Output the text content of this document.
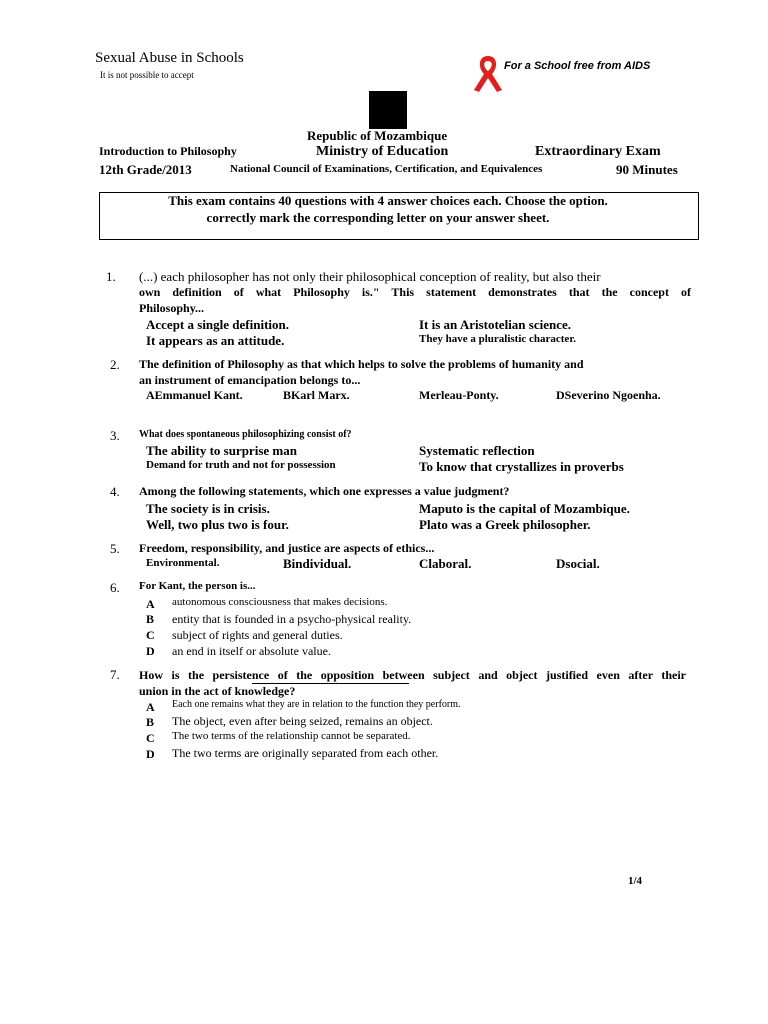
Sexual Abuse in Schools
It is not possible to accept
For a School free from AIDS
Republic of Mozambique
Introduction to Philosophy	Ministry of Education	Extraordinary Exam
12th Grade/2013	National Council of Examinations, Certification, and Equivalences	90 Minutes
This exam contains 40 questions with 4 answer choices each. Choose the option.
correctly mark the corresponding letter on your answer sheet.
1. (...) each philosopher has not only their philosophical conception of reality, but also their
own definition of what Philosophy is." This statement demonstrates that the concept of
Philosophy...
Accept a single definition.	It is an Aristotelian science.
It appears as an attitude.	They have a pluralistic character.
2. The definition of Philosophy as that which helps to solve the problems of humanity and
an instrument of emancipation belongs to...
AEmmanuel Kant.	BKarl Marx.	Merleau-Ponty.	DSeverino Ngoenha.
3. What does spontaneous philosophizing consist of?
The ability to surprise man	Systematic reflection
Demand for truth and not for possession	To know that crystallizes in proverbs
4. Among the following statements, which one expresses a value judgment?
The society is in crisis.	Maputo is the capital of Mozambique.
Well, two plus two is four.	Plato was a Greek philosopher.
5. Freedom, responsibility, and justice are aspects of ethics...
Environmental.	Bindividual.	Claboral.	Dsocial.
6. For Kant, the person is...
A autonomous consciousness that makes decisions.
B entity that is founded in a psycho-physical reality.
C subject of rights and general duties.
D an end in itself or absolute value.
7. How is the persistence of the opposition between subject and object justified even after their
union in the act of knowledge?
A Each one remains what they are in relation to the function they perform.
B The object, even after being seized, remains an object.
C The two terms of the relationship cannot be separated.
D The two terms are originally separated from each other.
1/4
